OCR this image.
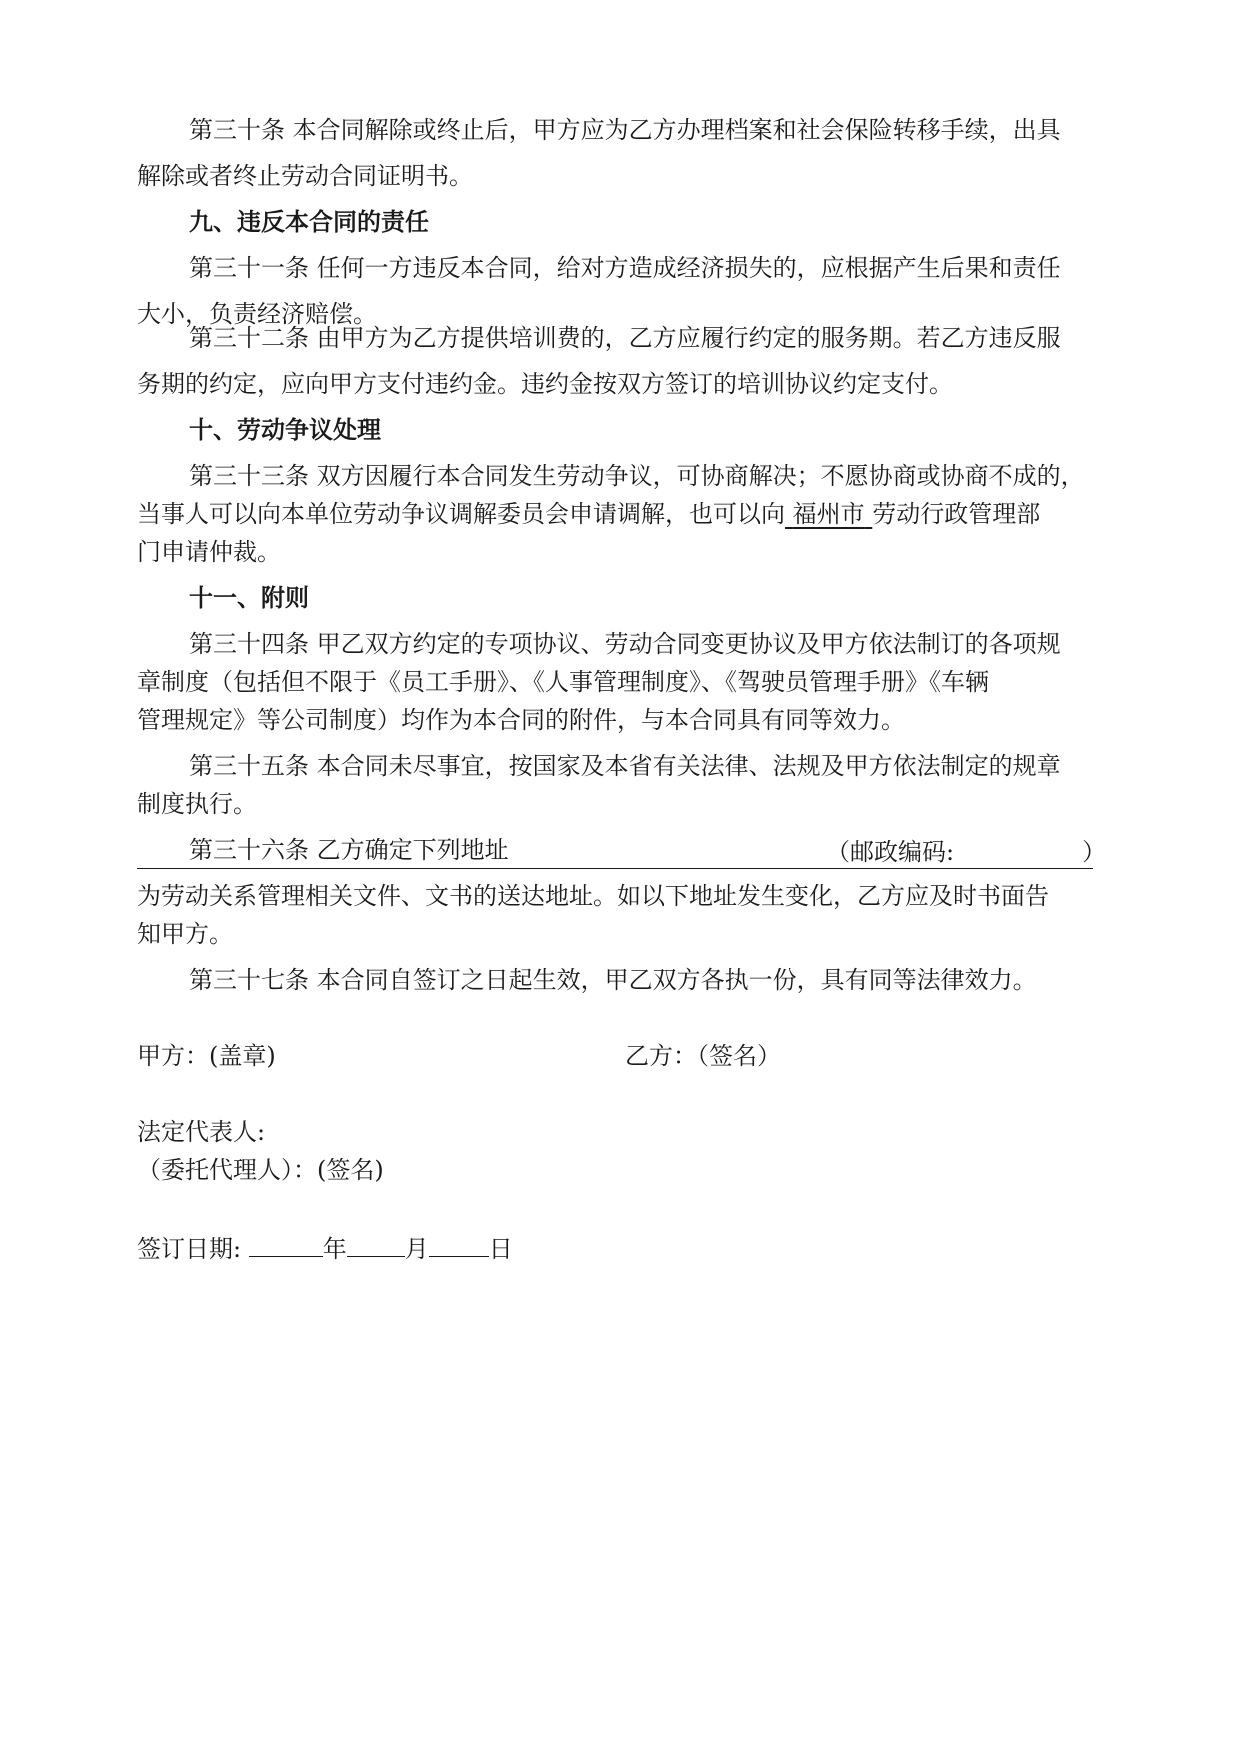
第三十条 本合同解除或终止后，甲方应为乙方办理档案和社会保险转移手续，出具
解除或者终止劳动合同证明书。
九、违反本合同的责任
第三十一条 任何一方违反本合同，给对方造成经济损失的，应根据产生后果和责任
大小，负责经济赔偿。
第三十二条 由甲方为乙方提供培训费的，乙方应履行约定的服务期。若乙方违反服
务期的约定，应向甲方支付违约金。违约金按双方签订的培训协议约定支付。
十、劳动争议处理
第三十三条 双方因履行本合同发生劳动争议，可协商解决；不愿协商或协商不成的，
当事人可以向本单位劳动争议调解委员会申请调解，也可以向 福州市 劳动行政管理部
门申请仲裁。
十一、附则
第三十四条 甲乙双方约定的专项协议、劳动合同变更协议及甲方依法制订的各项规
章制度（包括但不限于《员工手册》、《人事管理制度》、《驾驶员管理手册》《车辆
管理规定》等公司制度）均作为本合同的附件，与本合同具有同等效力。
第三十五条 本合同未尽事宜，按国家及本省有关法律、法规及甲方依法制定的规章
制度执行。
第三十六条 乙方确定下列地址	（邮政编码:	）
为劳动关系管理相关文件、文书的送达地址。如以下地址发生变化，乙方应及时书面告
知甲方。
第三十七条 本合同自签订之日起生效，甲乙双方各执一份，具有同等法律效力。
甲方：(盖章)	乙方：（签名）
法定代表人:
（委托代理人）：(签名)
签订日期:	年 月	日
